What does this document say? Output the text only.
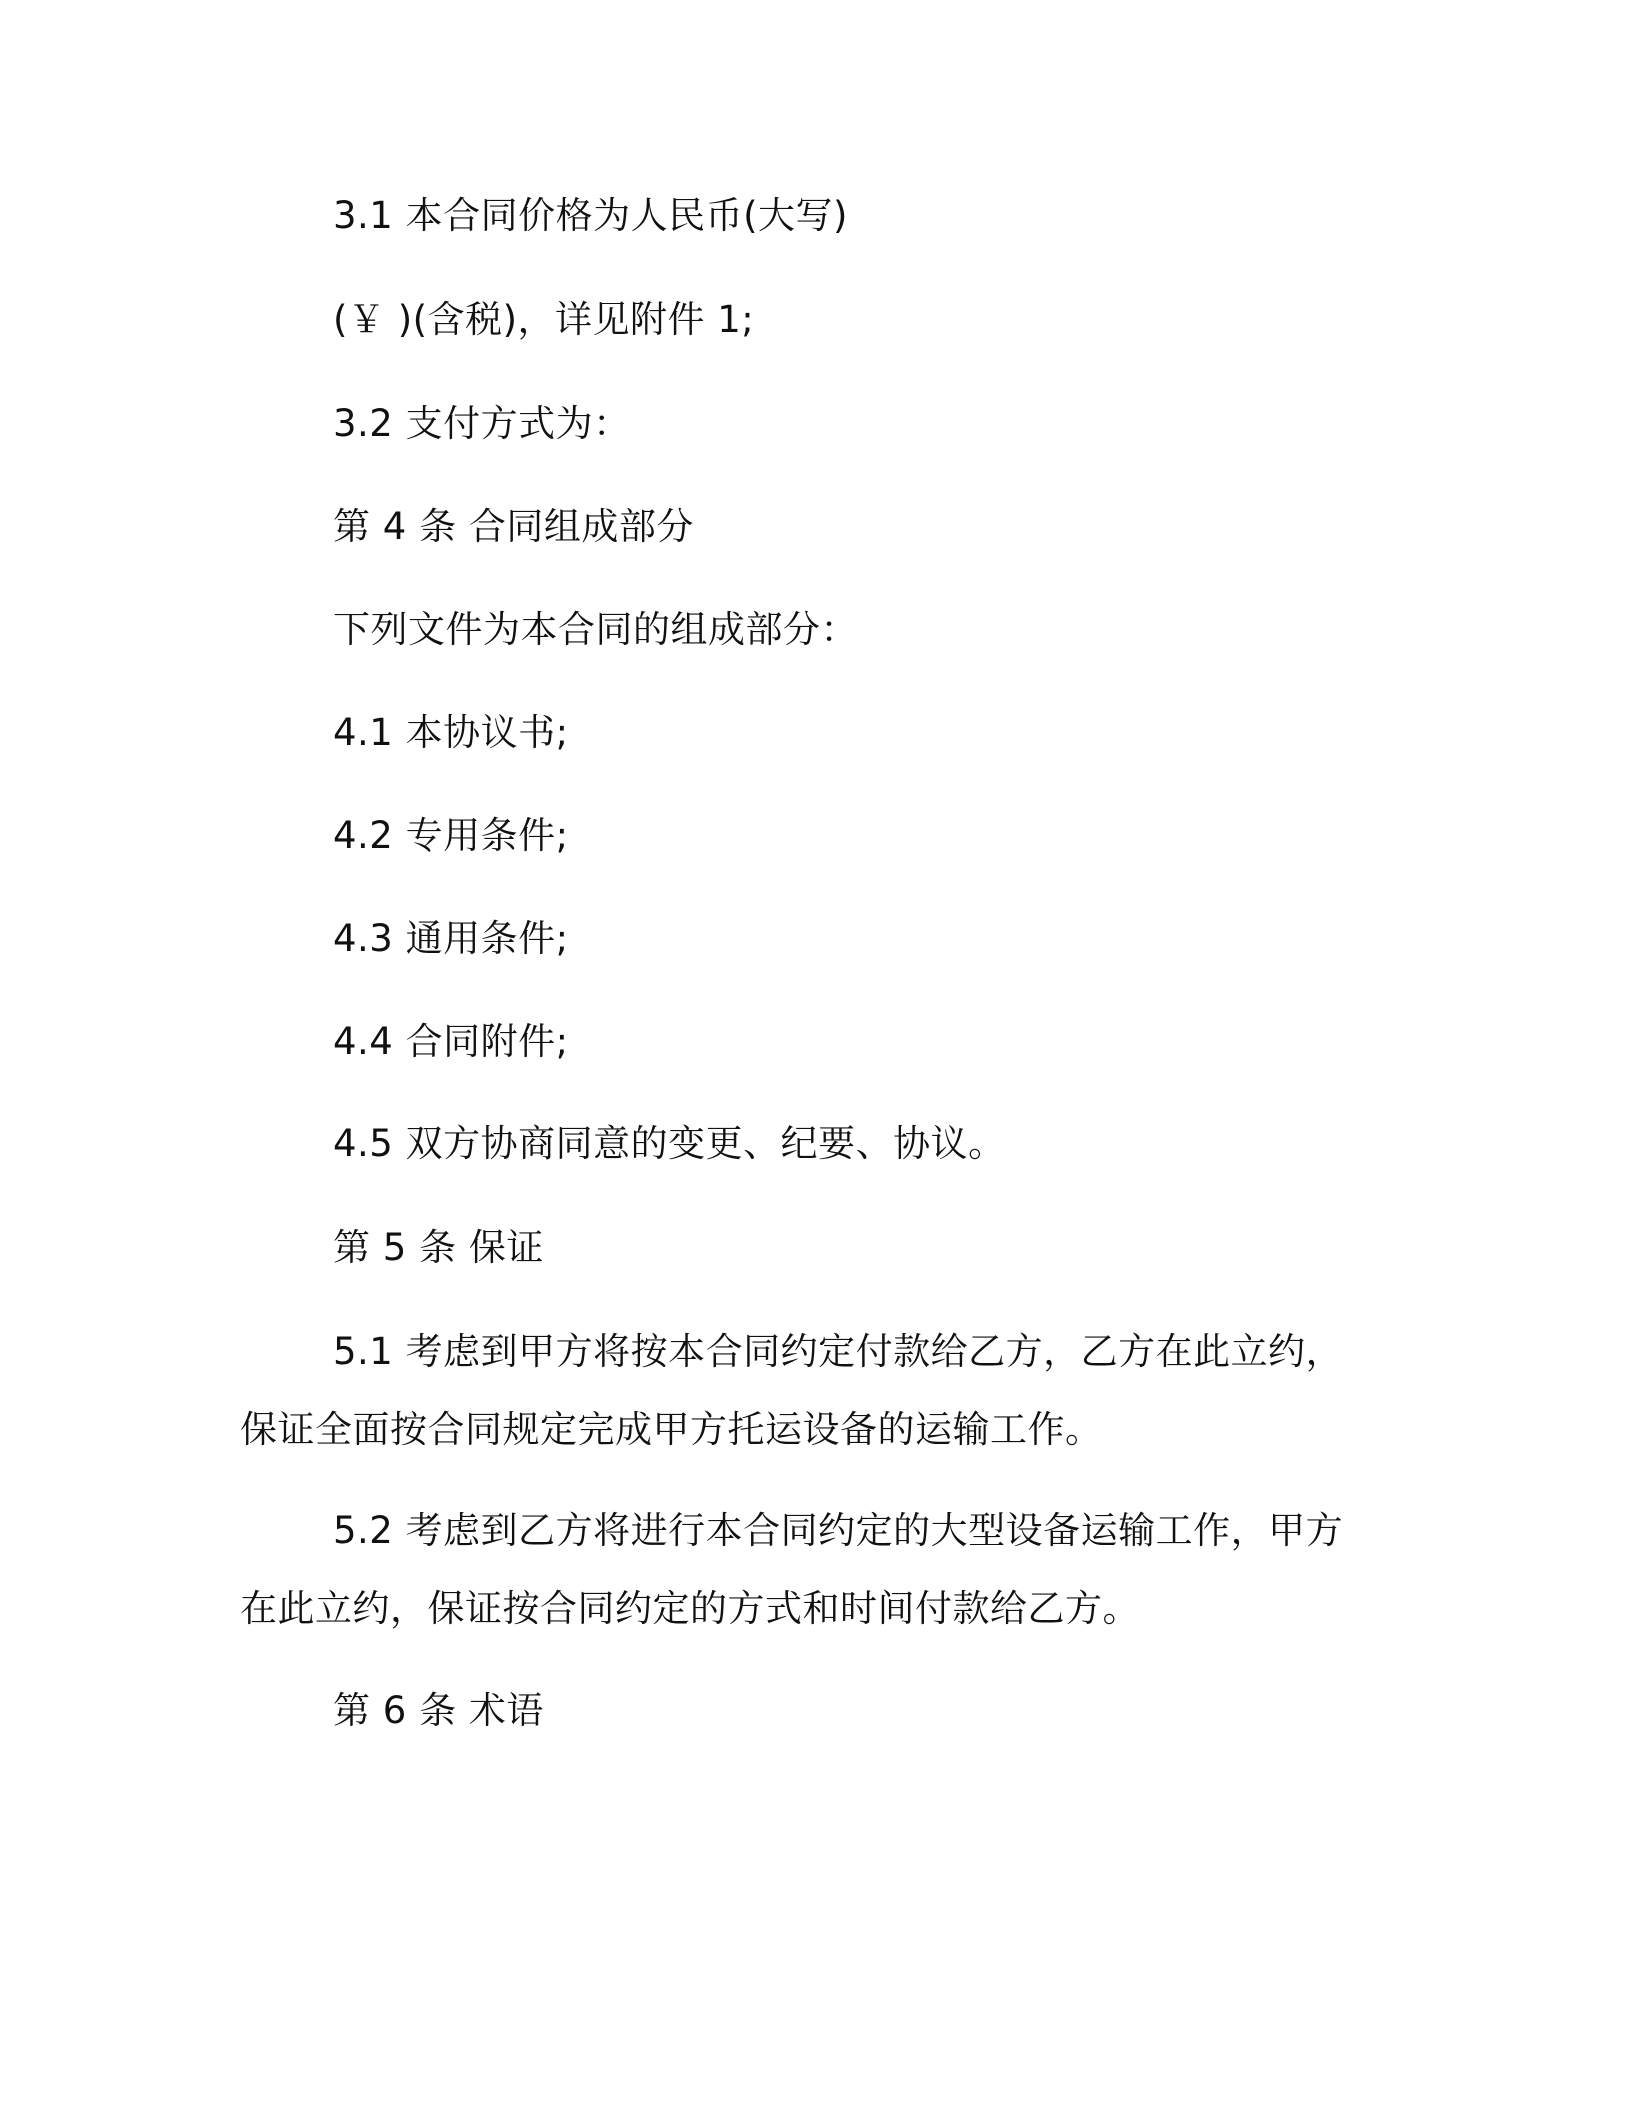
3.1 本合同价格为人民币(大写)
(￥ )(含税)，详见附件 1;
3.2 支付方式为：
第 4 条 合同组成部分
下列文件为本合同的组成部分：
4.1 本协议书;
4.2 专用条件;
4.3 通用条件;
4.4 合同附件;
4.5 双方协商同意的变更、纪要、协议。
第 5 条 保证
5.1 考虑到甲方将按本合同约定付款给乙方，乙方在此立约，保证全面按合同规定完成甲方托运设备的运输工作。
5.2 考虑到乙方将进行本合同约定的大型设备运输工作，甲方在此立约，保证按合同约定的方式和时间付款给乙方。
第 6 条 术语
